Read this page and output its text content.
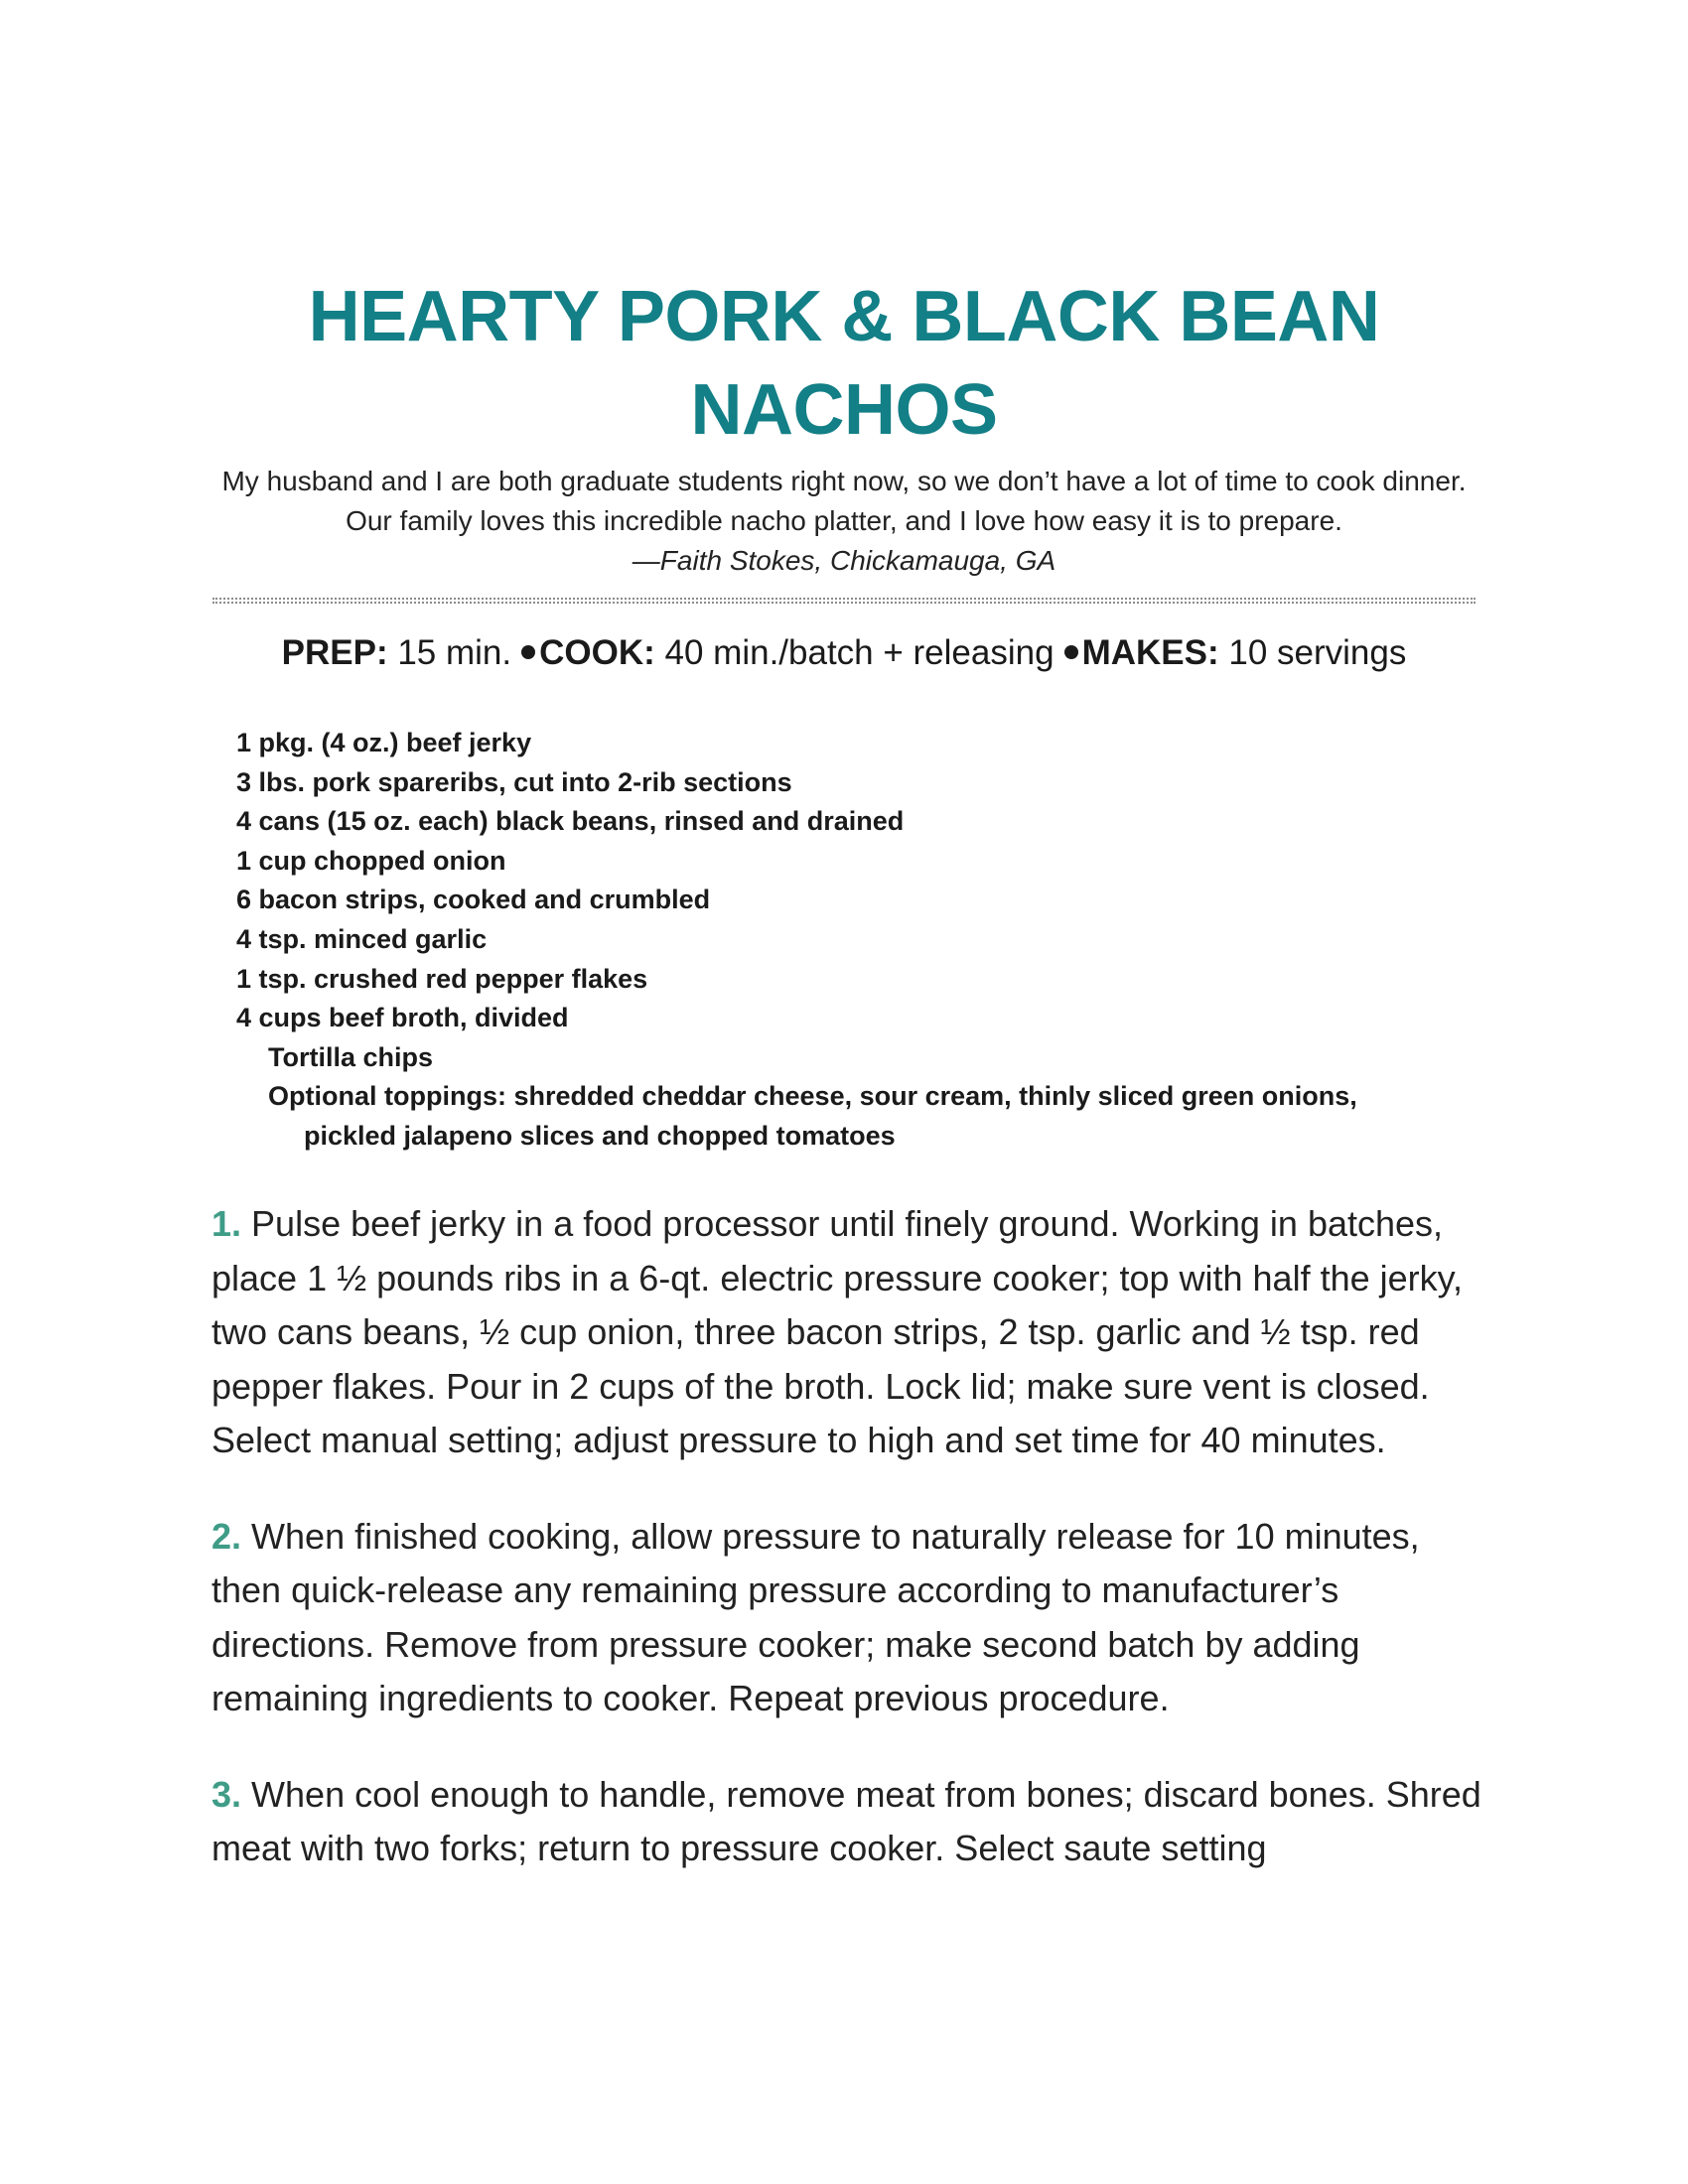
HEARTY PORK & BLACK BEAN
NACHOS

My husband and I are both graduate students right now, so we don’t have a lot of time to cook dinner.

Our family loves this incredible nacho platter, and I love how easy it is to prepare.

—Faith Stokes, Chickamauga, GA

PREP: 15 min. COOK: 40 min./batch + releasing MAKES: 10 servings
1 pkg. (4 oz.) beef jerky
3 lbs. pork spareribs, cut into 2-rib sections
4 cans (15 oz. each) black beans, rinsed and drained
1 cup chopped onion
6 bacon strips, cooked and crumbled
4 tsp. minced garlic
1 tsp. crushed red pepper flakes
4 cups beef broth, divided
Tortilla chips
Optional toppings: shredded cheddar cheese, sour cream, thinly sliced green onions,
pickled jalapeno slices and chopped tomatoes

1. Pulse beef jerky in a food processor until finely ground. Working in batches, place 1 ½ pounds ribs in a 6-qt. electric pressure cooker; top with half the jerky, two cans beans, ½ cup onion, three bacon strips, 2 tsp. garlic and ½ tsp. red pepper flakes. Pour in 2 cups of the broth. Lock lid; make sure vent is closed. Select manual setting; adjust pressure to high and set time for 40 minutes.

2. When finished cooking, allow pressure to naturally release for 10 minutes, then quick-release any remaining pressure according to manufacturer’s directions. Remove from pressure cooker; make second batch by adding remaining ingredients to cooker. Repeat previous procedure.

3. When cool enough to handle, remove meat from bones; discard bones. Shred meat with two forks; return to pressure cooker. Select saute setting
